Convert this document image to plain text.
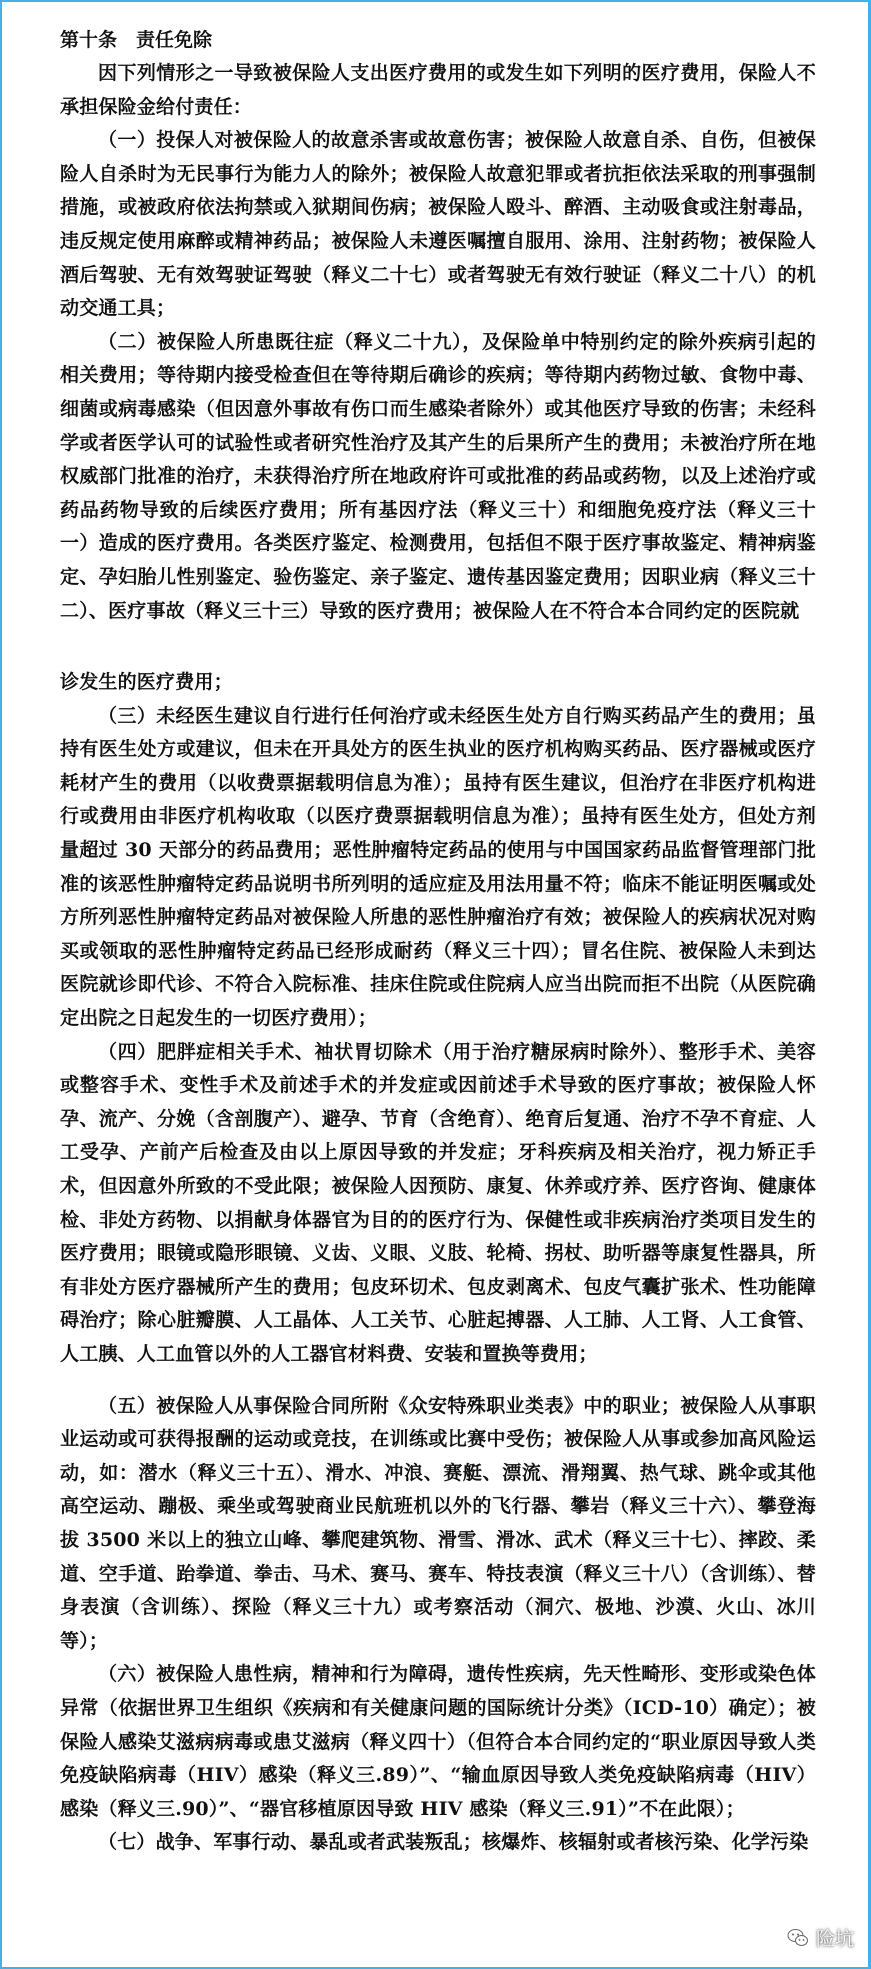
第十条　责任免除

因下列情形之一导致被保险人支出医疗费用的或发生如下列明的医疗费用，保险人不承担保险金给付责任：

（一）投保人对被保险人的故意杀害或故意伤害；被保险人故意自杀、自伤，但被保险人自杀时为无民事行为能力人的除外；被保险人故意犯罪或者抗拒依法采取的刑事强制措施，或被政府依法拘禁或入狱期间伤病；被保险人殴斗、醉酒、主动吸食或注射毒品，违反规定使用麻醉或精神药品；被保险人未遵医嘱擅自服用、涂用、注射药物；被保险人酒后驾驶、无有效驾驶证驾驶（释义二十七）或者驾驶无有效行驶证（释义二十八）的机动交通工具；

（二）被保险人所患既往症（释义二十九），及保险单中特别约定的除外疾病引起的相关费用；等待期内接受检查但在等待期后确诊的疾病；等待期内药物过敏、食物中毒、细菌或病毒感染（但因意外事故有伤口而生感染者除外）或其他医疗导致的伤害；未经科学或者医学认可的试验性或者研究性治疗及其产生的后果所产生的费用；未被治疗所在地权威部门批准的治疗，未获得治疗所在地政府许可或批准的药品或药物，以及上述治疗或药品药物导致的后续医疗费用；所有基因疗法（释义三十）和细胞免疫疗法（释义三十一）造成的医疗费用。各类医疗鉴定、检测费用，包括但不限于医疗事故鉴定、精神病鉴定、孕妇胎儿性别鉴定、验伤鉴定、亲子鉴定、遗传基因鉴定费用；因职业病（释义三十二）、医疗事故（释义三十三）导致的医疗费用；被保险人在不符合本合同约定的医院就

诊发生的医疗费用；

（三）未经医生建议自行进行任何治疗或未经医生处方自行购买药品产生的费用；虽持有医生处方或建议，但未在开具处方的医生执业的医疗机构购买药品、医疗器械或医疗耗材产生的费用（以收费票据载明信息为准）；虽持有医生建议，但治疗在非医疗机构进行或费用由非医疗机构收取（以医疗费票据载明信息为准）；虽持有医生处方，但处方剂量超过 30 天部分的药品费用；恶性肿瘤特定药品的使用与中国国家药品监督管理部门批准的该恶性肿瘤特定药品说明书所列明的适应症及用法用量不符；临床不能证明医嘱或处方所列恶性肿瘤特定药品对被保险人所患的恶性肿瘤治疗有效；被保险人的疾病状况对购买或领取的恶性肿瘤特定药品已经形成耐药（释义三十四）；冒名住院、被保险人未到达医院就诊即代诊、不符合入院标准、挂床住院或住院病人应当出院而拒不出院（从医院确定出院之日起发生的一切医疗费用）；

（四）肥胖症相关手术、袖状胃切除术（用于治疗糖尿病时除外）、整形手术、美容或整容手术、变性手术及前述手术的并发症或因前述手术导致的医疗事故；被保险人怀孕、流产、分娩（含剖腹产）、避孕、节育（含绝育）、绝育后复通、治疗不孕不育症、人工受孕、产前产后检查及由以上原因导致的并发症；牙科疾病及相关治疗，视力矫正手术，但因意外所致的不受此限；被保险人因预防、康复、休养或疗养、医疗咨询、健康体检、非处方药物、以捐献身体器官为目的的医疗行为、保健性或非疾病治疗类项目发生的医疗费用；眼镜或隐形眼镜、义齿、义眼、义肢、轮椅、拐杖、助听器等康复性器具，所有非处方医疗器械所产生的费用；包皮环切术、包皮剥离术、包皮气囊扩张术、性功能障碍治疗；除心脏瓣膜、人工晶体、人工关节、心脏起搏器、人工肺、人工肾、人工食管、人工胰、人工血管以外的人工器官材料费、安装和置换等费用；

（五）被保险人从事保险合同所附《众安特殊职业类表》中的职业；被保险人从事职业运动或可获得报酬的运动或竞技，在训练或比赛中受伤；被保险人从事或参加高风险运动，如：潜水（释义三十五）、滑水、冲浪、赛艇、漂流、滑翔翼、热气球、跳伞或其他高空运动、蹦极、乘坐或驾驶商业民航班机以外的飞行器、攀岩（释义三十六）、攀登海拔 3500 米以上的独立山峰、攀爬建筑物、滑雪、滑冰、武术（释义三十七）、摔跤、柔道、空手道、跆拳道、拳击、马术、赛马、赛车、特技表演（释义三十八）（含训练）、替身表演（含训练）、探险（释义三十九）或考察活动（洞穴、极地、沙漠、火山、冰川等）；

（六）被保险人患性病，精神和行为障碍，遗传性疾病，先天性畸形、变形或染色体异常（依据世界卫生组织《疾病和有关健康问题的国际统计分类》（ICD-10）确定）；被保险人感染艾滋病病毒或患艾滋病（释义四十）（但符合本合同约定的“职业原因导致人类免疫缺陷病毒（HIV）感染（释义三.89）”、“输血原因导致人类免疫缺陷病毒（HIV）感染（释义三.90）”、“器官移植原因导致 HIV 感染（释义三.91）”不在此限）；

（七）战争、军事行动、暴乱或者武装叛乱；核爆炸、核辐射或者核污染、化学污染

险坑
